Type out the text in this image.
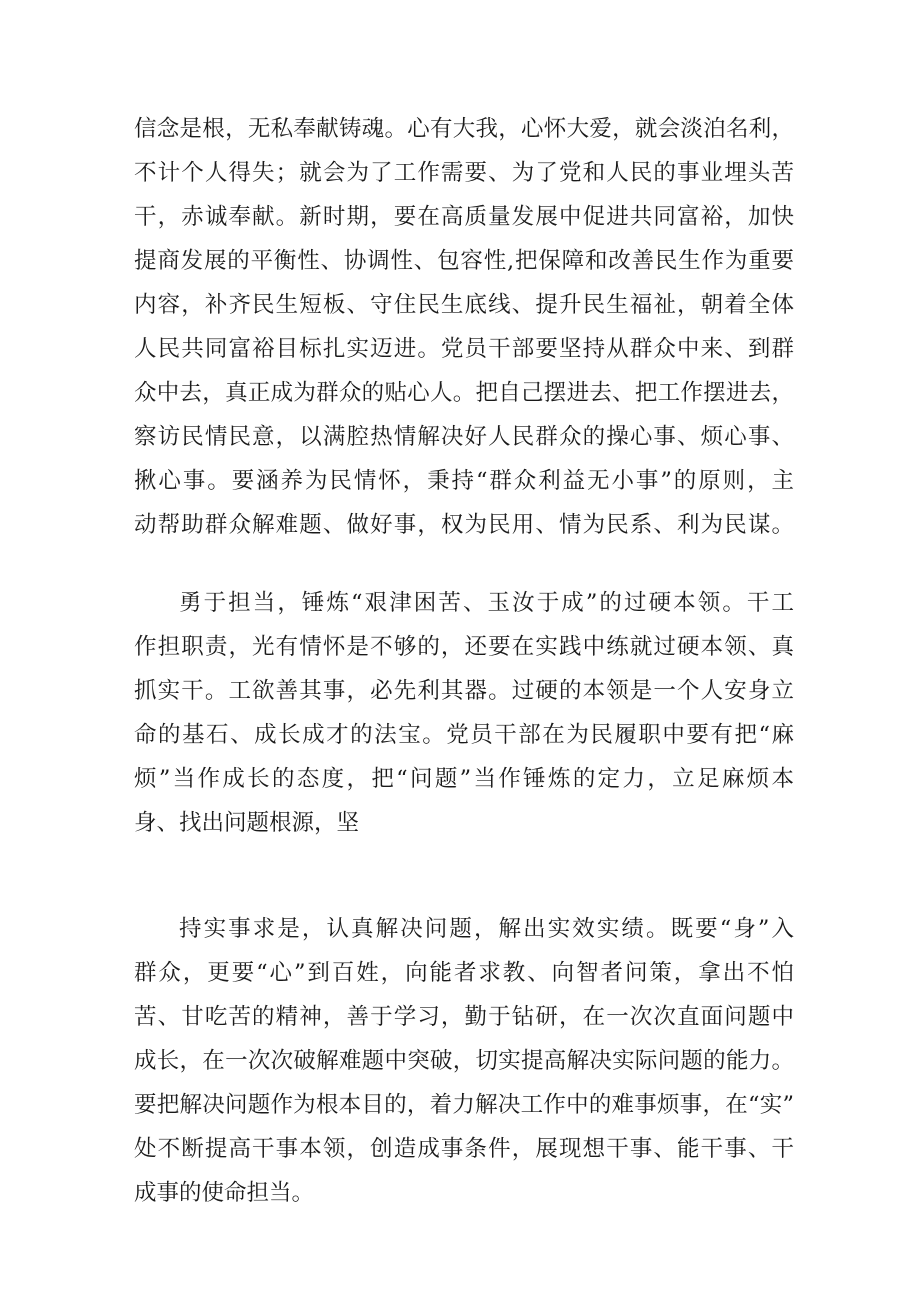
信念是根，无私奉献铸魂。心有大我，心怀大爱，就会淡泊名利，
不计个人得失；就会为了工作需要、为了党和人民的事业埋头苦
干，赤诚奉献。新时期，要在高质量发展中促进共同富裕，加快
提商发展的平衡性、协调性、包容性,把保障和改善民生作为重要
内容，补齐民生短板、守住民生底线、提升民生福祉，朝着全体
人民共同富裕目标扎实迈进。党员干部要坚持从群众中来、到群
众中去，真正成为群众的贴心人。把自己摆进去、把工作摆进去，
察访民情民意，以满腔热情解决好人民群众的操心事、烦心事、
揪心事。要涵养为民情怀，秉持“群众利益无小事”的原则，主
动帮助群众解难题、做好事，权为民用、情为民系、利为民谋。
勇于担当，锤炼“艰津困苦、玉汝于成”的过硬本领。干工
作担职责，光有情怀是不够的，还要在实践中练就过硬本领、真
抓实干。工欲善其事，必先利其器。过硬的本领是一个人安身立
命的基石、成长成才的法宝。党员干部在为民履职中要有把“麻
烦”当作成长的态度，把“问题”当作锤炼的定力，立足麻烦本
身、找出问题根源，坚
持实事求是，认真解决问题，解出实效实绩。既要“身”入
群众，更要“心”到百姓，向能者求教、向智者问策，拿出不怕
苦、甘吃苦的精神，善于学习，勤于钻研，在一次次直面问题中
成长，在一次次破解难题中突破，切实提高解决实际问题的能力。
要把解决问题作为根本目的，着力解决工作中的难事烦事，在“实”
处不断提高干事本领，创造成事条件，展现想干事、能干事、干
成事的使命担当。
